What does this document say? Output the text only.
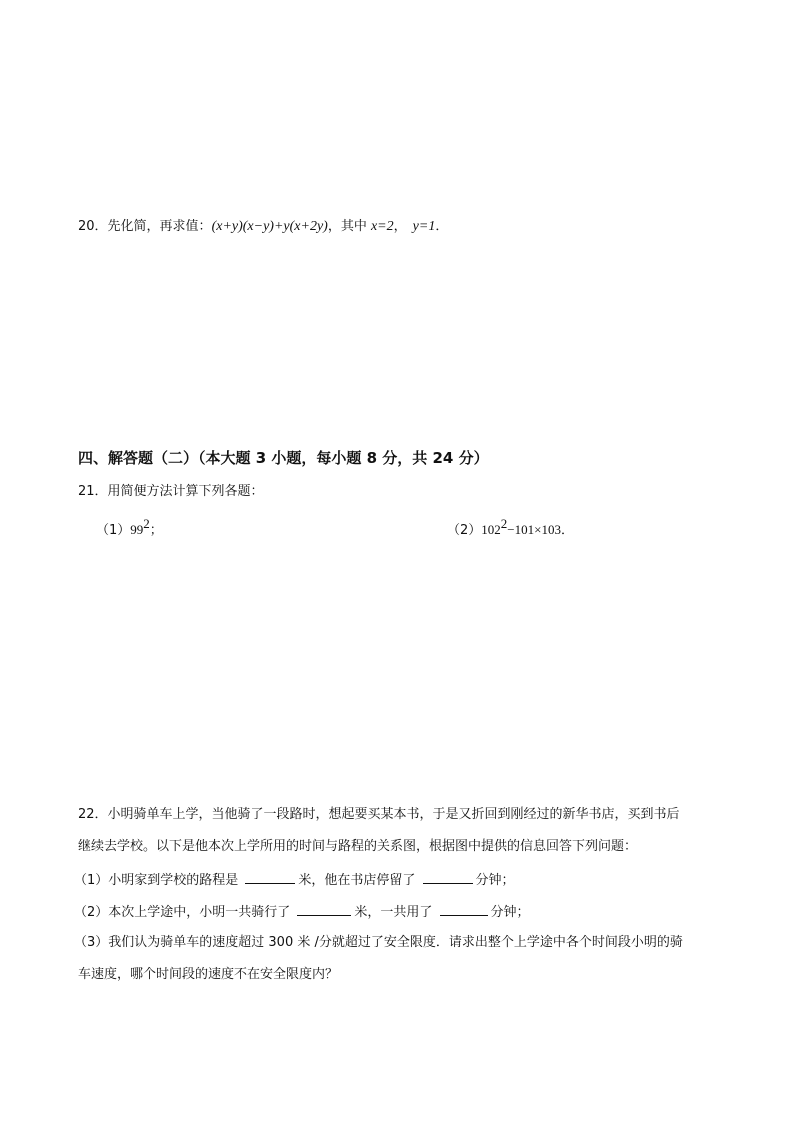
20．先化简，再求值：(x+y)(x−y)+y(x+2y)，其中 x=2， y=1．
四、解答题（二）（本大题 3 小题，每小题 8 分，共 24 分）
21．用简便方法计算下列各题：
$(1)99^2$；	$(2)102^2-101\times 103$．
22．小明骑单车上学，当他骑了一段路时，想起要买某本书，于是又折回到刚经过的新华书店，买到书后
继续去学校。以下是他本次上学所用的时间与路程的关系图，根据图中提供的信息回答下列问题：
（1）小明家到学校的路程是	米，他在书店停留了	分钟；
（2）本次上学途中，小明一共骑行了	米，一共用了	分钟；
（3）我们认为骑单车的速度超过 300 米 /分就超过了安全限度．请求出整个上学途中各个时间段小明的骑
车速度，哪个时间段的速度不在安全限度内？
